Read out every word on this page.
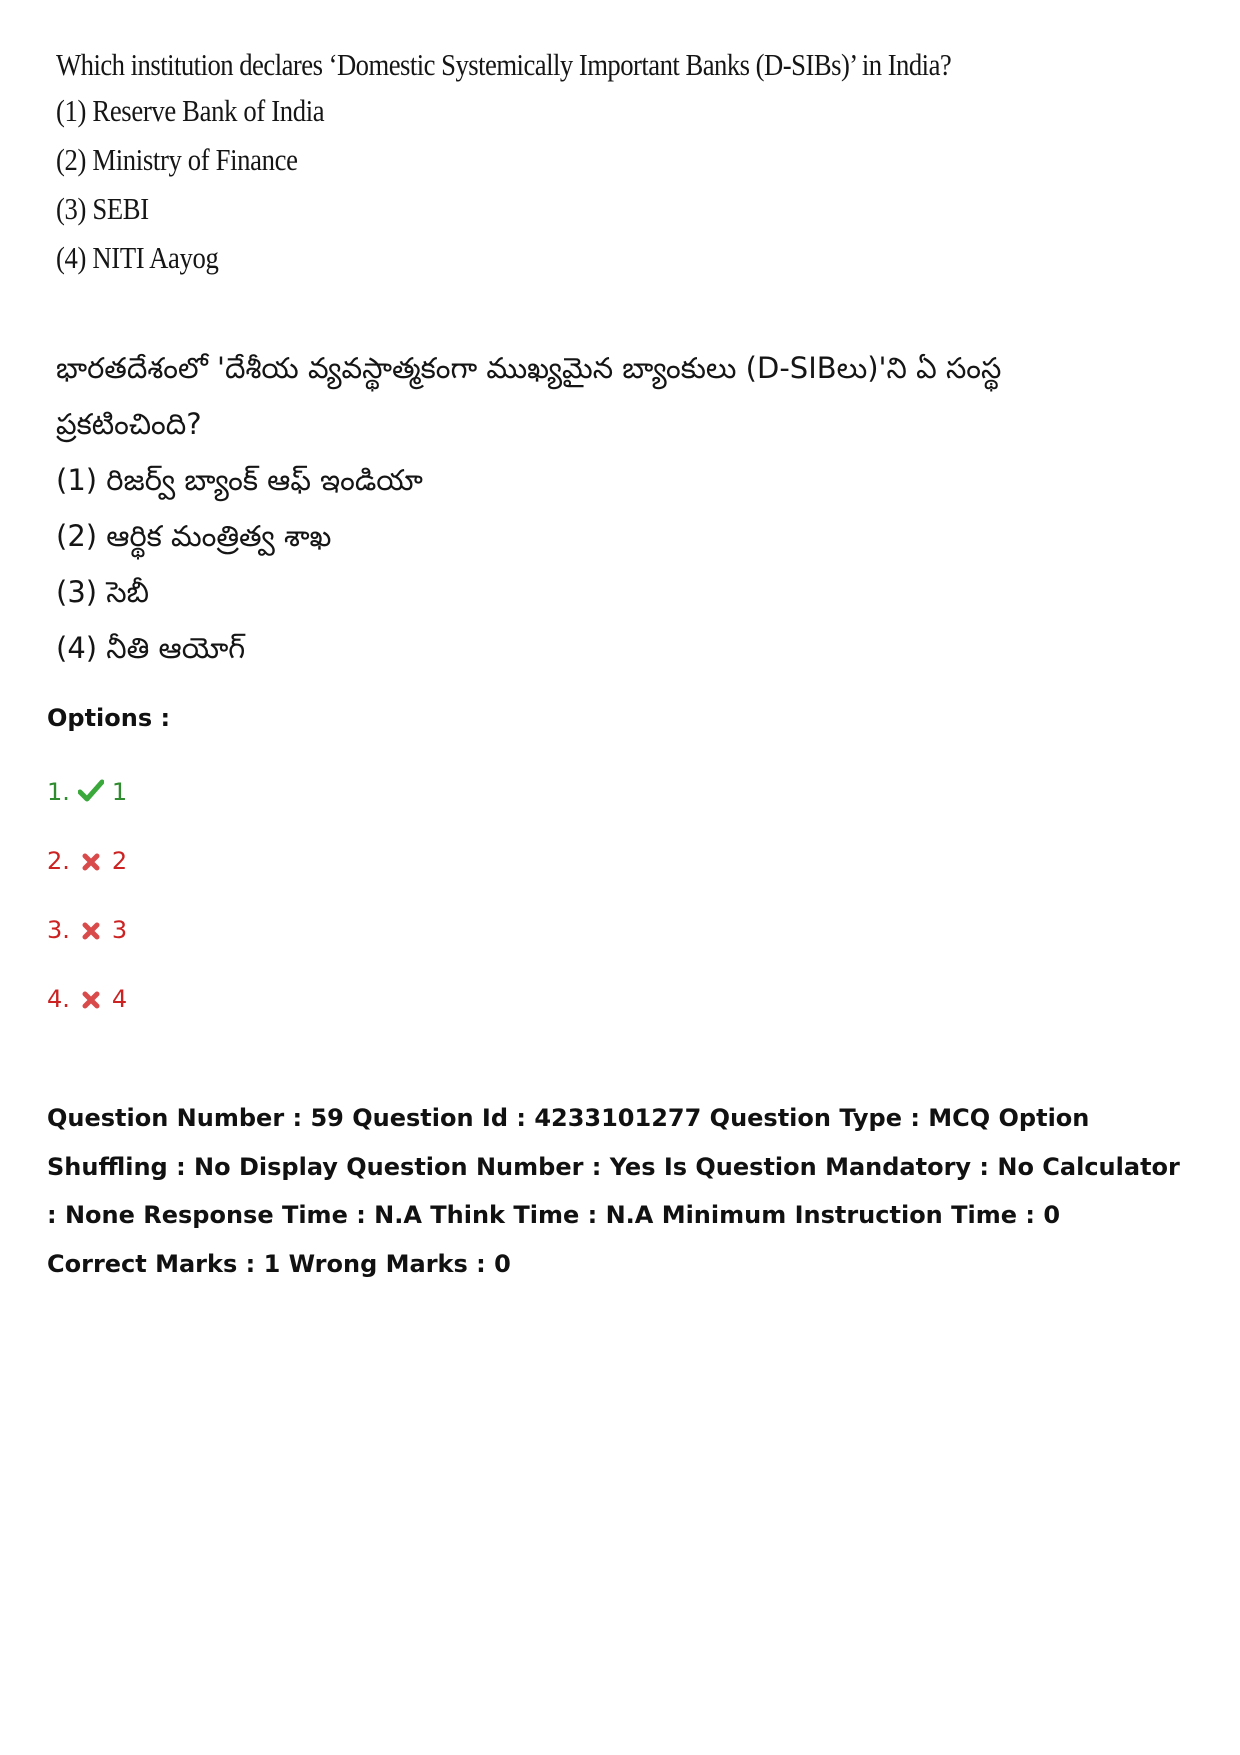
Which institution declares ‘Domestic Systemically Important Banks (D-SIBs)’ in India?
(1) Reserve Bank of India
(2) Ministry of Finance
(3) SEBI
(4) NITI Aayog
భారతదేశంలో 'దేశీయ వ్యవస్థాత్మకంగా ముఖ్యమైన బ్యాంకులు (D-SIBలు)'ని ఏ సంస్థ
ప్రకటించింది?
(1) రిజర్వ్ బ్యాంక్ ఆఫ్ ఇండియా
(2) ఆర్థిక మంత్రిత్వ శాఖ
(3) సెబీ
(4) నీతి ఆయోగ్
Options :
1. 1
2. 2
3. 3
4. 4
Question Number : 59 Question Id : 4233101277 Question Type : MCQ Option Shuffling : No Display Question Number : Yes Is Question Mandatory : No Calculator : None Response Time : N.A Think Time : N.A Minimum Instruction Time : 0
Correct Marks : 1 Wrong Marks : 0
